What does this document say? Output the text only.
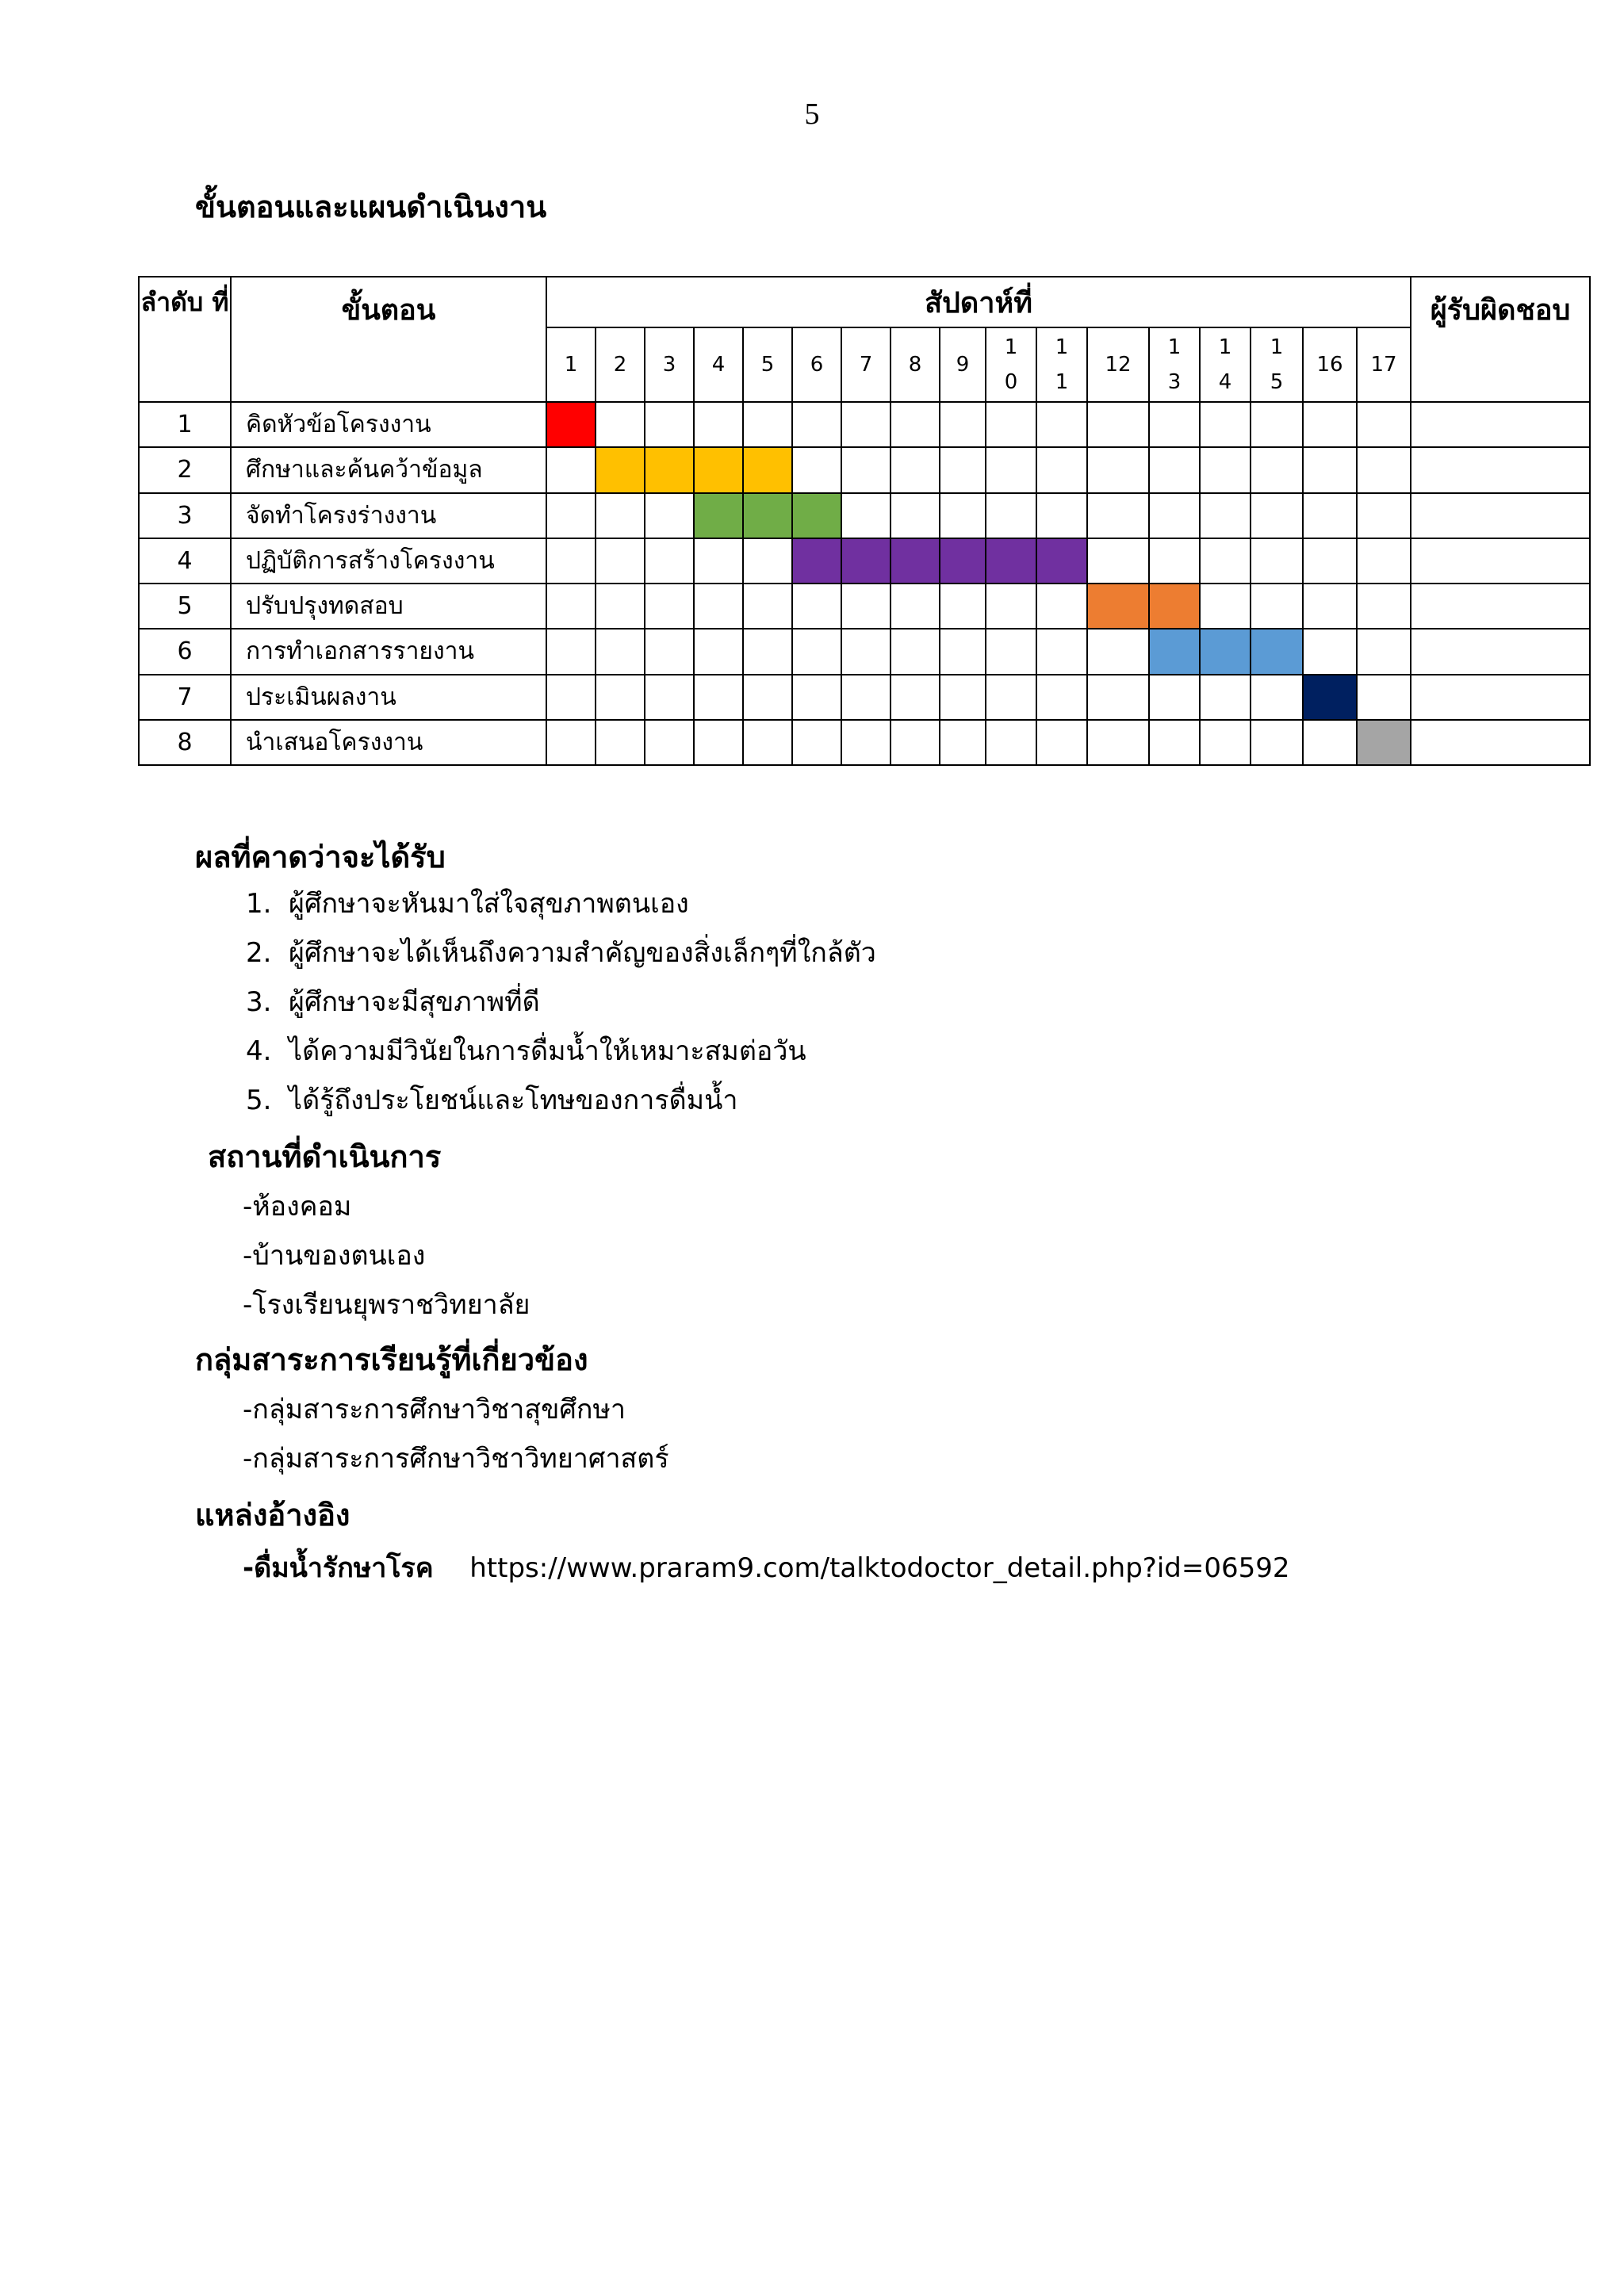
5
ขั้นตอนและแผนดำเนินงาน
ลำดับ ที่	ขั้นตอน	สัปดาห์ที่																	ผู้รับผิดชอบ
		1	2	3	4	5	6	7	8	9	1 0	1 1	12	1 3	1 4	1 5	16	17	
1	คิดหัวข้อโครงงาน																		
2	ศึกษาและค้นคว้าข้อมูล																		
3	จัดทำโครงร่างงาน																		
4	ปฏิบัติการสร้างโครงงาน																		
5	ปรับปรุงทดสอบ																		
6	การทำเอกสารรายงาน																		
7	ประเมินผลงาน																		
8	นำเสนอโครงงาน																		
ผลที่คาดว่าจะได้รับ
1.  ผู้ศึกษาจะหันมาใส่ใจสุขภาพตนเอง
2.  ผู้ศึกษาจะได้เห็นถึงความสำคัญของสิ่งเล็กๆที่ใกล้ตัว
3.  ผู้ศึกษาจะมีสุขภาพที่ดี
4.  ได้ความมีวินัยในการดื่มน้ำให้เหมาะสมต่อวัน
5.  ได้รู้ถึงประโยชน์และโทษของการดื่มน้ำ
สถานที่ดำเนินการ
-ห้องคอม
-บ้านของตนเอง
-โรงเรียนยุพราชวิทยาลัย
กลุ่มสาระการเรียนรู้ที่เกี่ยวข้อง
-กลุ่มสาระการศึกษาวิชาสุขศึกษา
-กลุ่มสาระการศึกษาวิชาวิทยาศาสตร์
แหล่งอ้างอิง
-ดื่มน้ำรักษาโรค https://www.praram9.com/talktodoctor_detail.php?id=06592
